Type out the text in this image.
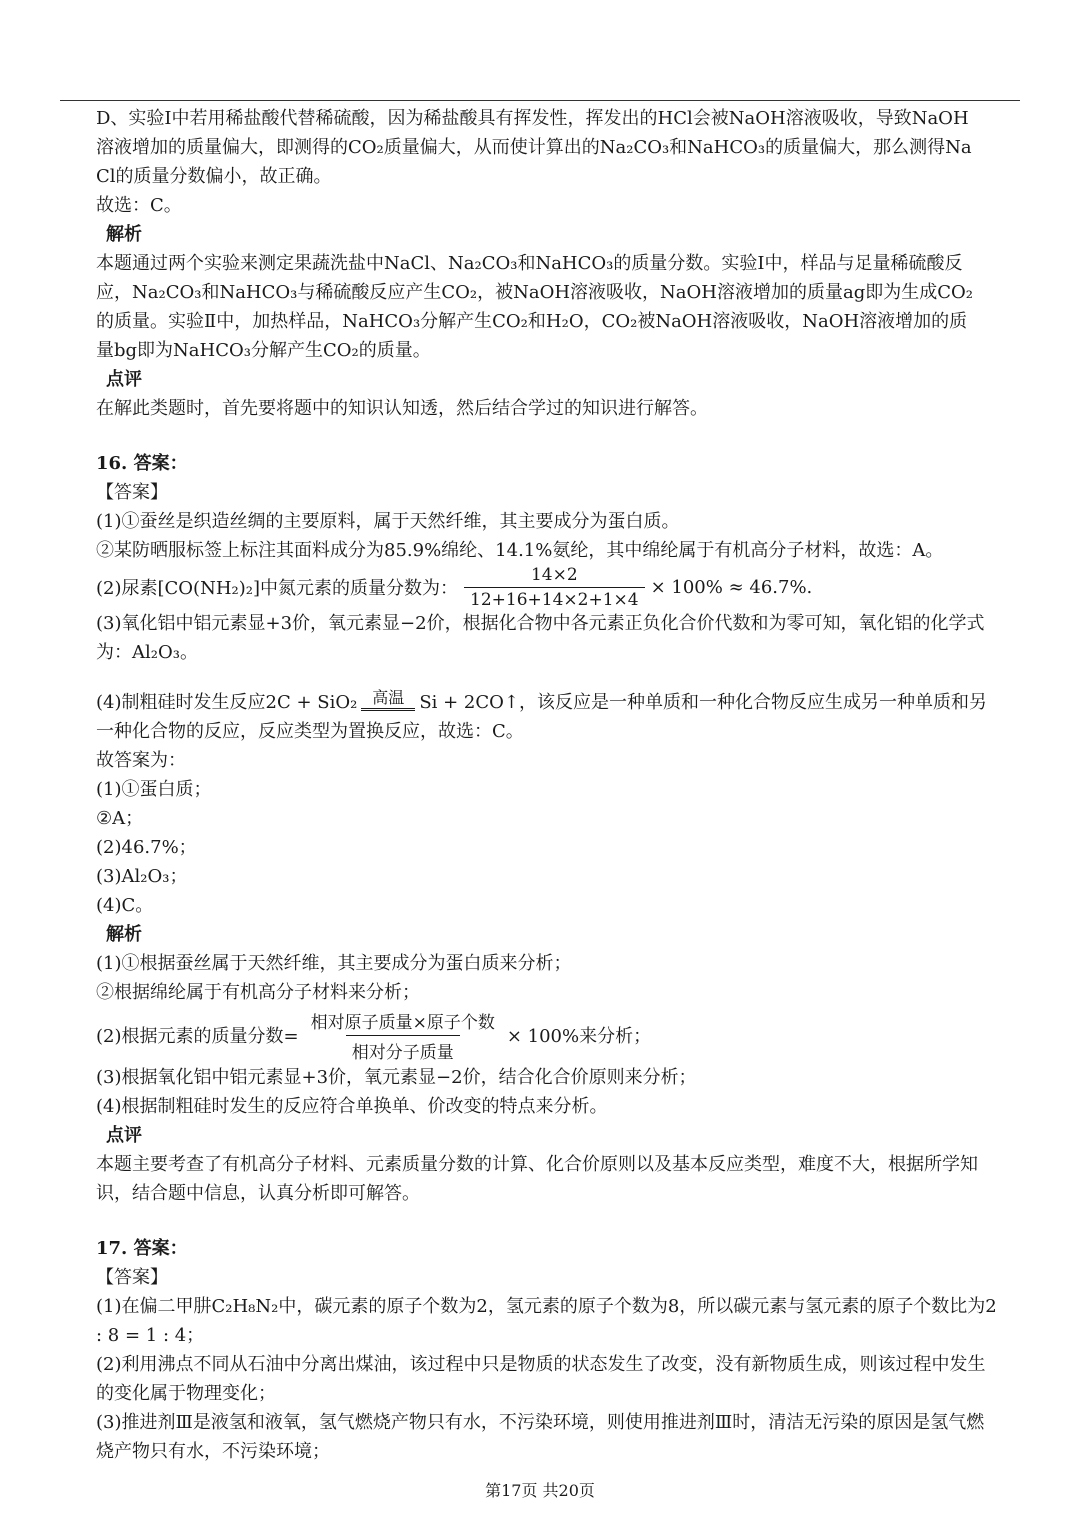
D、实验Ⅰ中若用稀盐酸代替稀硫酸，因为稀盐酸具有挥发性，挥发出的HCl会被NaOH溶液吸收，导致NaOH
溶液增加的质量偏大，即测得的CO₂质量偏大，从而使计算出的Na₂CO₃和NaHCO₃的质量偏大，那么测得Na
Cl的质量分数偏小，故正确。
故选：C。
解析
本题通过两个实验来测定果蔬洗盐中NaCl、Na₂CO₃和NaHCO₃的质量分数。实验Ⅰ中，样品与足量稀硫酸反
应，Na₂CO₃和NaHCO₃与稀硫酸反应产生CO₂，被NaOH溶液吸收，NaOH溶液增加的质量ag即为生成CO₂
的质量。实验Ⅱ中，加热样品，NaHCO₃分解产生CO₂和H₂O，CO₂被NaOH溶液吸收，NaOH溶液增加的质
量bg即为NaHCO₃分解产生CO₂的质量。
点评
在解此类题时，首先要将题中的知识认知透，然后结合学过的知识进行解答。
16. 答案：
【答案】
(1)①蚕丝是织造丝绸的主要原料，属于天然纤维，其主要成分为蛋白质。
②某防晒服标签上标注其面料成分为85.9%绵纶、14.1%氨纶，其中绵纶属于有机高分子材料，故选：A。
(2)尿素[CO(NH₂)₂]中氮元素的质量分数为： $\frac{14\times 2}{12+16+14\times 2+1\times 4} \times 100\% \approx 46.7\%$.
(3)氧化铝中铝元素显+3价，氧元素显−2价，根据化合物中各元素正负化合价代数和为零可知，氧化铝的化学式
为：Al₂O₃。
(4)制粗硅时发生反应2C + SiO₂ 高温 Si + 2CO↑，该反应是一种单质和一种化合物反应生成另一种单质和另
一种化合物的反应，反应类型为置换反应，故选：C。
故答案为：
(1)①蛋白质；
②A；
(2)46.7%；
(3)Al₂O₃；
(4)C。
解析
(1)①根据蚕丝属于天然纤维，其主要成分为蛋白质来分析；
②根据绵纶属于有机高分子材料来分析；
(2)根据元素的质量分数= $\frac{\text{相对原子质量×原子个数}}{\text{相对分子质量}} \times 100\%$来分析；
(3)根据氧化铝中铝元素显+3价，氧元素显−2价，结合化合价原则来分析；
(4)根据制粗硅时发生的反应符合单换单、价改变的特点来分析。
点评
本题主要考查了有机高分子材料、元素质量分数的计算、化合价原则以及基本反应类型，难度不大，根据所学知
识，结合题中信息，认真分析即可解答。
17. 答案：
【答案】
(1)在偏二甲肼C₂H₈N₂中，碳元素的原子个数为2，氢元素的原子个数为8，所以碳元素与氢元素的原子个数比为2
: 8 = 1 : 4；
(2)利用沸点不同从石油中分离出煤油，该过程中只是物质的状态发生了改变，没有新物质生成，则该过程中发生
的变化属于物理变化；
(3)推进剂Ⅲ是液氢和液氧，氢气燃烧产物只有水，不污染环境，则使用推进剂Ⅲ时，清洁无污染的原因是氢气燃
烧产物只有水，不污染环境；
第17页 共20页
